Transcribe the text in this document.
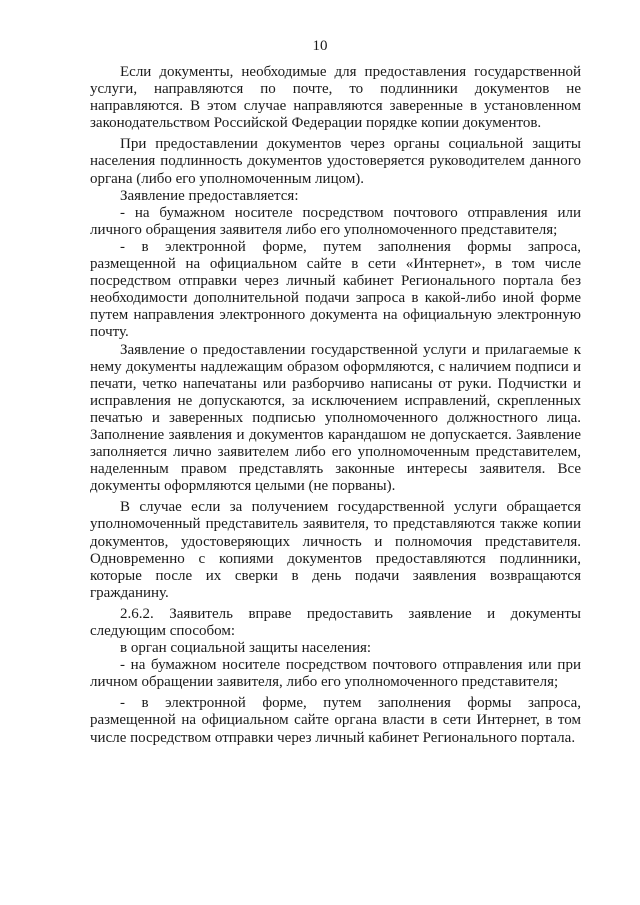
10

Если документы, необходимые для предоставления государственной услуги, направляются по почте, то подлинники документов не направляются. В этом случае направляются заверенные в установленном законодательством Российской Федерации порядке копии документов.

При предоставлении документов через органы социальной защиты населения подлинность документов удостоверяется руководителем данного органа (либо его уполномоченным лицом).

Заявление предоставляется:

- на бумажном носителе посредством почтового отправления или личного обращения заявителя либо его уполномоченного представителя;

- в электронной форме, путем заполнения формы запроса, размещенной на официальном сайте в сети «Интернет», в том числе посредством отправки через личный кабинет Регионального портала без необходимости дополнительной подачи запроса в какой-либо иной форме путем направления электронного документа на официальную электронную почту.

Заявление о предоставлении государственной услуги и прилагаемые к нему документы надлежащим образом оформляются, с наличием подписи и печати, четко напечатаны или разборчиво написаны от руки. Подчистки и исправления не допускаются, за исключением исправлений, скрепленных печатью и заверенных подписью уполномоченного должностного лица. Заполнение заявления и документов карандашом не допускается. Заявление заполняется лично заявителем либо его уполномоченным представителем, наделенным правом представлять законные интересы заявителя. Все документы оформляются целыми (не порваны).

В случае если за получением государственной услуги обращается уполномоченный представитель заявителя, то представляются также копии документов, удостоверяющих личность и полномочия представителя. Одновременно с копиями документов предоставляются подлинники, которые после их сверки в день подачи заявления возвращаются гражданину.

2.6.2. Заявитель вправе предоставить заявление и документы следующим способом:

в орган социальной защиты населения:

- на бумажном носителе посредством почтового отправления или при личном обращении заявителя, либо его уполномоченного представителя;

- в электронной форме, путем заполнения формы запроса, размещенной на официальном сайте органа власти в сети Интернет, в том числе посредством отправки через личный кабинет Регионального портала.
